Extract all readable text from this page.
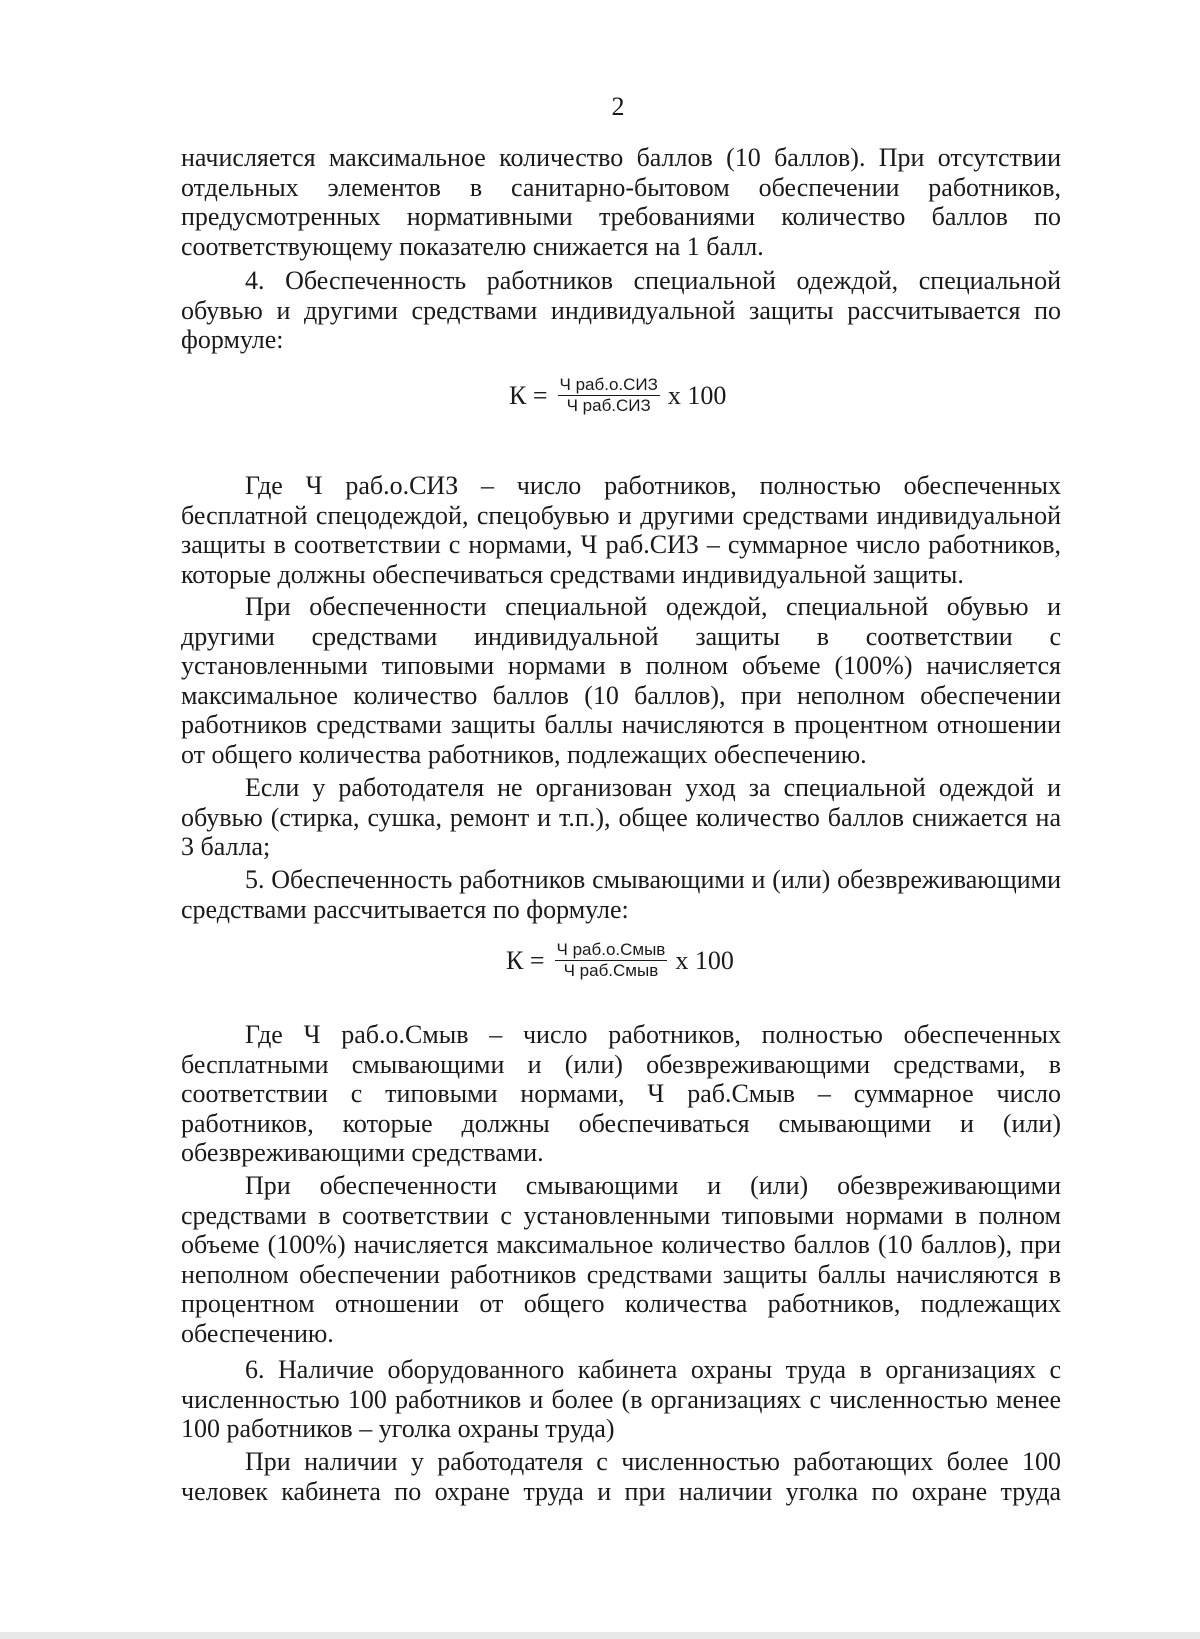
2

начисляется максимальное количество баллов (10 баллов). При отсутствии отдельных элементов в санитарно-бытовом обеспечении работников, предусмотренных нормативными требованиями количество баллов по соответствующему показателю снижается на 1 балл.

4. Обеспеченность работников специальной одеждой, специальной обувью и другими средствами индивидуальной защиты рассчитывается по формуле:

$К = \frac{\text{Ч раб.о.СИЗ}}{\text{Ч раб.СИЗ}}$ х 100

Где Ч раб.о.СИЗ – число работников, полностью обеспеченных бесплатной спецодеждой, спецобувью и другими средствами индивидуальной защиты в соответствии с нормами, Ч раб.СИЗ – суммарное число работников, которые должны обеспечиваться средствами индивидуальной защиты.

При обеспеченности специальной одеждой, специальной обувью и другими средствами индивидуальной защиты в соответствии с установленными типовыми нормами в полном объеме (100%) начисляется максимальное количество баллов (10 баллов), при неполном обеспечении работников средствами защиты баллы начисляются в процентном отношении от общего количества работников, подлежащих обеспечению.

Если у работодателя не организован уход за специальной одеждой и обувью (стирка, сушка, ремонт и т.п.), общее количество баллов снижается на 3 балла;

5. Обеспеченность работников смывающими и (или) обезвреживающими средствами рассчитывается по формуле:

$К = \frac{\text{Ч раб.о.Смыв}}{\text{Ч раб.Смыв}}$ х 100

Где Ч раб.о.Смыв – число работников, полностью обеспеченных бесплатными смывающими и (или) обезвреживающими средствами, в соответствии с типовыми нормами, Ч раб.Смыв – суммарное число работников, которые должны обеспечиваться смывающими и (или) обезвреживающими средствами.

При обеспеченности смывающими и (или) обезвреживающими средствами в соответствии с установленными типовыми нормами в полном объеме (100%) начисляется максимальное количество баллов (10 баллов), при неполном обеспечении работников средствами защиты баллы начисляются в процентном отношении от общего количества работников, подлежащих обеспечению.

6. Наличие оборудованного кабинета охраны труда в организациях с численностью 100 работников и более (в организациях с численностью менее 100 работников – уголка охраны труда)

При наличии у работодателя с численностью работающих более 100 человек кабинета по охране труда и при наличии уголка по охране труда
